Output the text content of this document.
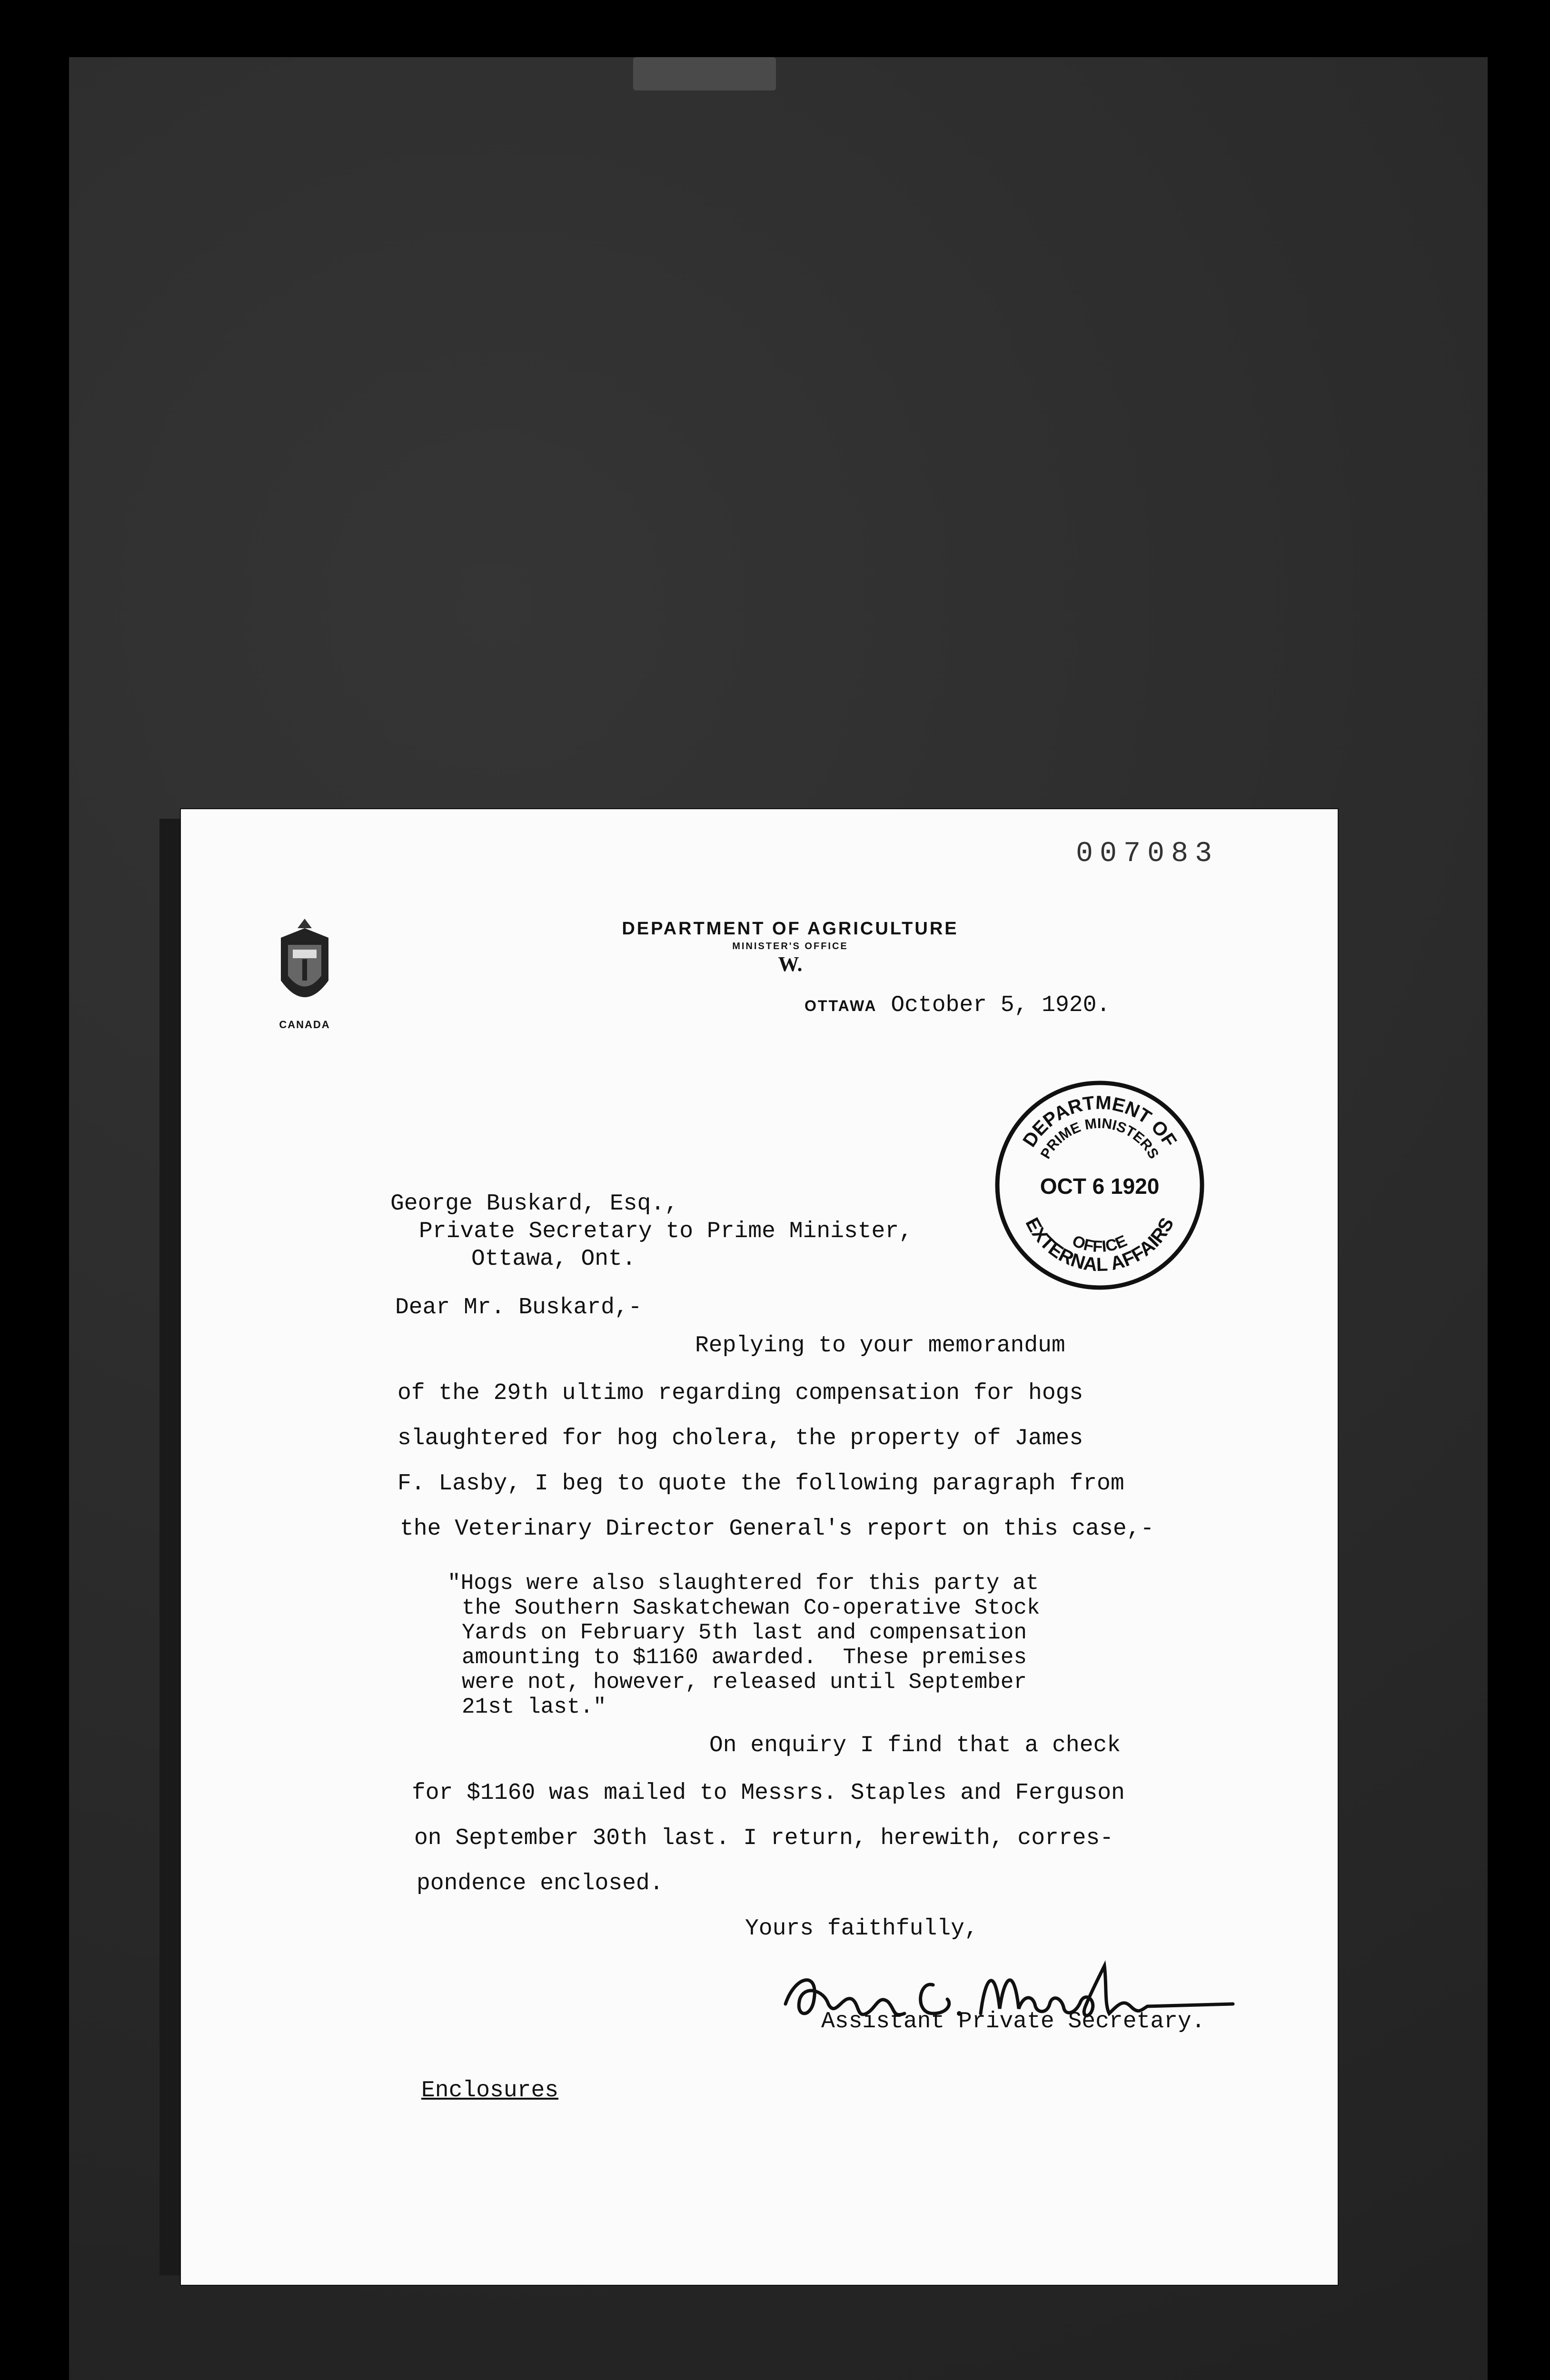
007083
CANADA
DEPARTMENT OF AGRICULTURE
MINISTER'S OFFICE
W.
OTTAWA October 5, 1920.
DEPARTMENT OF
PRIME MINISTERS
OCT 6 1920
OFFICE
EXTERNAL AFFAIRS
George Buskard, Esq.,
Private Secretary to Prime Minister,
Ottawa, Ont.
Dear Mr. Buskard,-
Replying to your memorandum
of the 29th ultimo regarding compensation for hogs
slaughtered for hog cholera, the property of James
F. Lasby, I beg to quote the following paragraph from
the Veterinary Director General's report on this case,-
"Hogs were also slaughtered for this party at
the Southern Saskatchewan Co-operative Stock
Yards on February 5th last and compensation
amounting to $1160 awarded.  These premises
were not, however, released until September
21st last."
On enquiry I find that a check
for $1160 was mailed to Messrs. Staples and Ferguson
on September 30th last. I return, herewith, corres-
pondence enclosed.
Yours faithfully,
Assistant Private Secretary.
Enclosures
